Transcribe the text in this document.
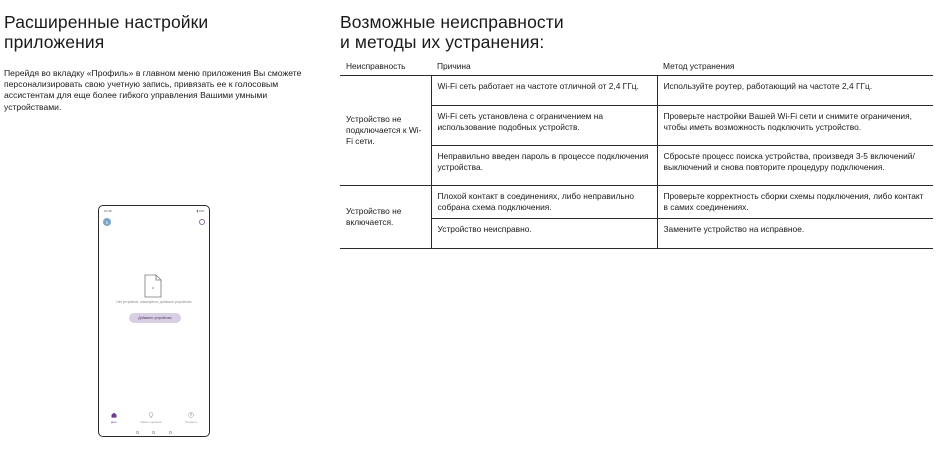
Расширенные настройки приложения

Перейдя во вкладку «Профиль» в главном меню приложения Вы сможете персонализировать свою учетную запись, привязать ее к голосовым ассистентам для еще более гибкого управления Вашими умными устройствами.

10:48	▮ 100
S
Нет устройств, пожалуйста, добавьте устройство
Добавить устройство
Дом	Умные сценарии	Профиль
Возможные неисправности
и методы их устранения:
Неисправность	Причина	Метод устранения
Устройство не подключается к Wi-Fi сети.	Wi-Fi сеть работает на частоте отличной от 2,4 ГГц.	Используйте роутер, работающий на частоте 2,4 ГГц.
	Wi-Fi сеть установлена с ограничением на использование подобных устройств.	Проверьте настройки Вашей Wi-Fi сети и снимите ограничения, чтобы иметь возможность подключить устройство.
	Неправильно введен пароль в процессе подключения устройства.	Сбросьте процесс поиска устройства, произведя 3-5 включений/выключений и снова повторите процедуру подключения.
Устройство не включается.	Плохой контакт в соединениях, либо неправильно собрана схема подключения.	Проверьте корректность сборки схемы подключения, либо контакт в самих соединениях.
	Устройство неисправно.	Замените устройство на исправное.
